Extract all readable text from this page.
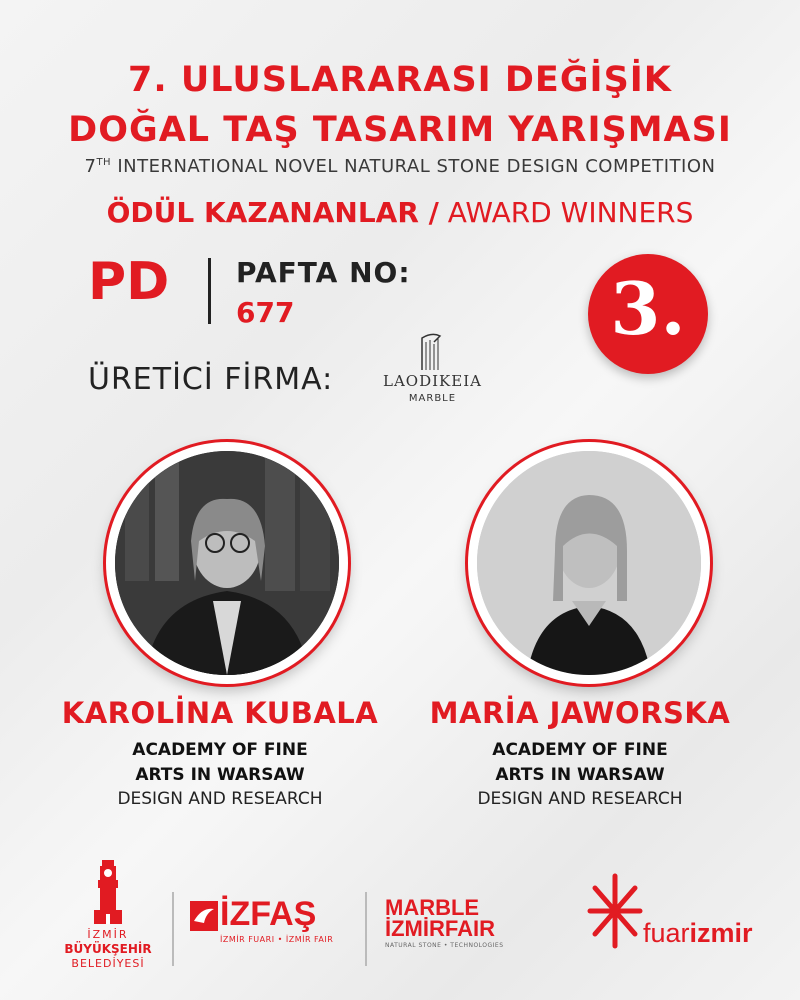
7. ULUSLARARASI DEĞİŞİK
DOĞAL TAŞ TASARIM YARIŞMASI
7TH INTERNATIONAL NOVEL NATURAL STONE DESIGN COMPETITION
ÖDÜL KAZANANLAR / AWARD WINNERS
PD PAFTA NO:
677	3.
ÜRETİCİ FİRMA:	LAODIKEIA
MARBLE
KAROLİNA KUBALA
ACADEMY OF FINE
ARTS IN WARSAW
DESIGN AND RESEARCH
MARİA JAWORSKA
ACADEMY OF FINE
ARTS IN WARSAW
DESIGN AND RESEARCH
İZMİR
BÜYÜKŞEHİR
BELEDİYESİ
İZFAŞ
İZMİR FUARI • İZMİR FAIR
MARBLE
İZMİRFAIR
NATURAL STONE • TECHNOLOGIES	fuarizmir
